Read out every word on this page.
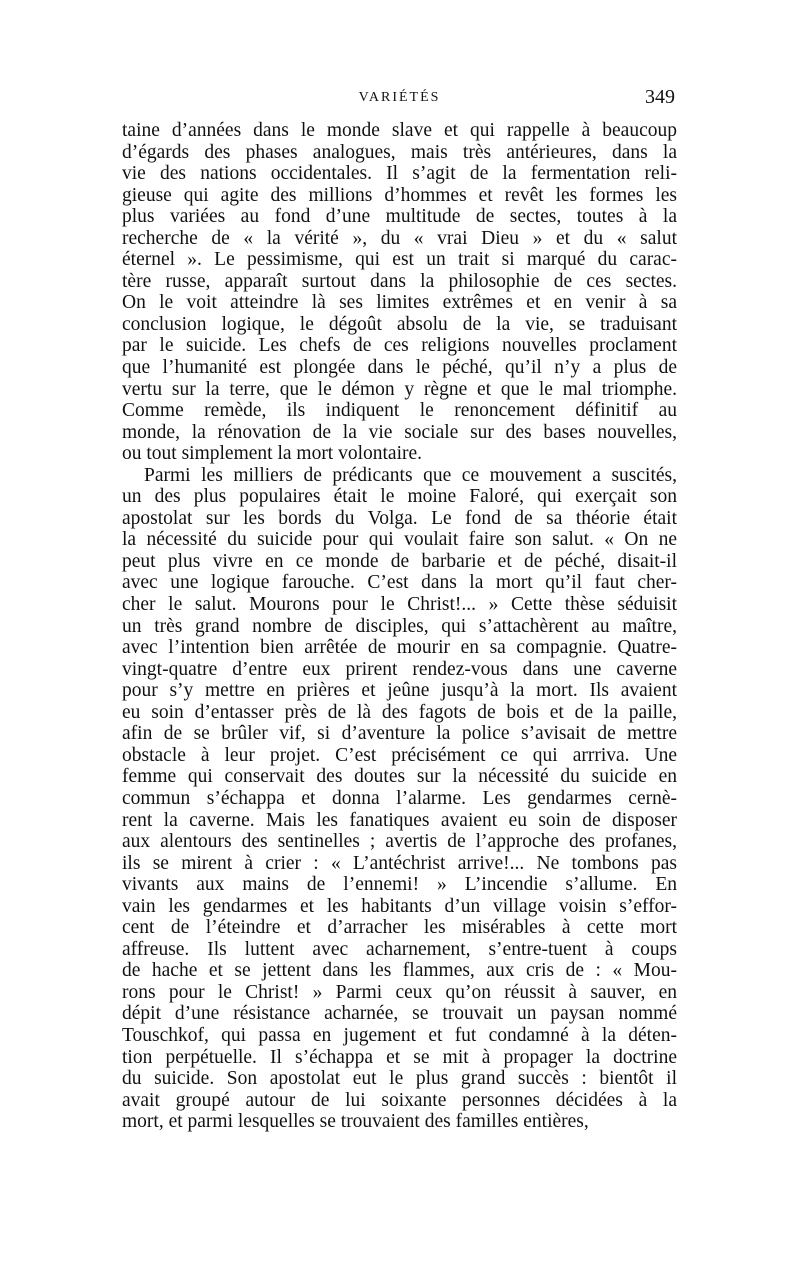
VARIÉTÉS	349
taine d’années dans le monde slave et qui rappelle à beaucoup
d’égards des phases analogues, mais très antérieures, dans la
vie des nations occidentales. Il s’agit de la fermentation reli-
gieuse qui agite des millions d’hommes et revêt les formes les
plus variées au fond d’une multitude de sectes, toutes à la
recherche de « la vérité », du « vrai Dieu » et du « salut
éternel ». Le pessimisme, qui est un trait si marqué du carac-
tère russe, apparaît surtout dans la philosophie de ces sectes.
On le voit atteindre là ses limites extrêmes et en venir à sa
conclusion logique, le dégoût absolu de la vie, se traduisant
par le suicide. Les chefs de ces religions nouvelles proclament
que l’humanité est plongée dans le péché, qu’il n’y a plus de
vertu sur la terre, que le démon y règne et que le mal triomphe.
Comme remède, ils indiquent le renoncement définitif au
monde, la rénovation de la vie sociale sur des bases nouvelles,
ou tout simplement la mort volontaire.
Parmi les milliers de prédicants que ce mouvement a suscités,
un des plus populaires était le moine Faloré, qui exerçait son
apostolat sur les bords du Volga. Le fond de sa théorie était
la nécessité du suicide pour qui voulait faire son salut. « On ne
peut plus vivre en ce monde de barbarie et de péché, disait-il
avec une logique farouche. C’est dans la mort qu’il faut cher-
cher le salut. Mourons pour le Christ!... » Cette thèse séduisit
un très grand nombre de disciples, qui s’attachèrent au maître,
avec l’intention bien arrêtée de mourir en sa compagnie. Quatre-
vingt-quatre d’entre eux prirent rendez-vous dans une caverne
pour s’y mettre en prières et jeûne jusqu’à la mort. Ils avaient
eu soin d’entasser près de là des fagots de bois et de la paille,
afin de se brûler vif, si d’aventure la police s’avisait de mettre
obstacle à leur projet. C’est précisément ce qui arrriva. Une
femme qui conservait des doutes sur la nécessité du suicide en
commun s’échappa et donna l’alarme. Les gendarmes cernè-
rent la caverne. Mais les fanatiques avaient eu soin de disposer
aux alentours des sentinelles ; avertis de l’approche des profanes,
ils se mirent à crier : « L’antéchrist arrive!... Ne tombons pas
vivants aux mains de l’ennemi! » L’incendie s’allume. En
vain les gendarmes et les habitants d’un village voisin s’effor-
cent de l’éteindre et d’arracher les misérables à cette mort
affreuse. Ils luttent avec acharnement, s’entre-tuent à coups
de hache et se jettent dans les flammes, aux cris de : « Mou-
rons pour le Christ! » Parmi ceux qu’on réussit à sauver, en
dépit d’une résistance acharnée, se trouvait un paysan nommé
Touschkof, qui passa en jugement et fut condamné à la déten-
tion perpétuelle. Il s’échappa et se mit à propager la doctrine
du suicide. Son apostolat eut le plus grand succès : bientôt il
avait groupé autour de lui soixante personnes décidées à la
mort, et parmi lesquelles se trouvaient des familles entières,
